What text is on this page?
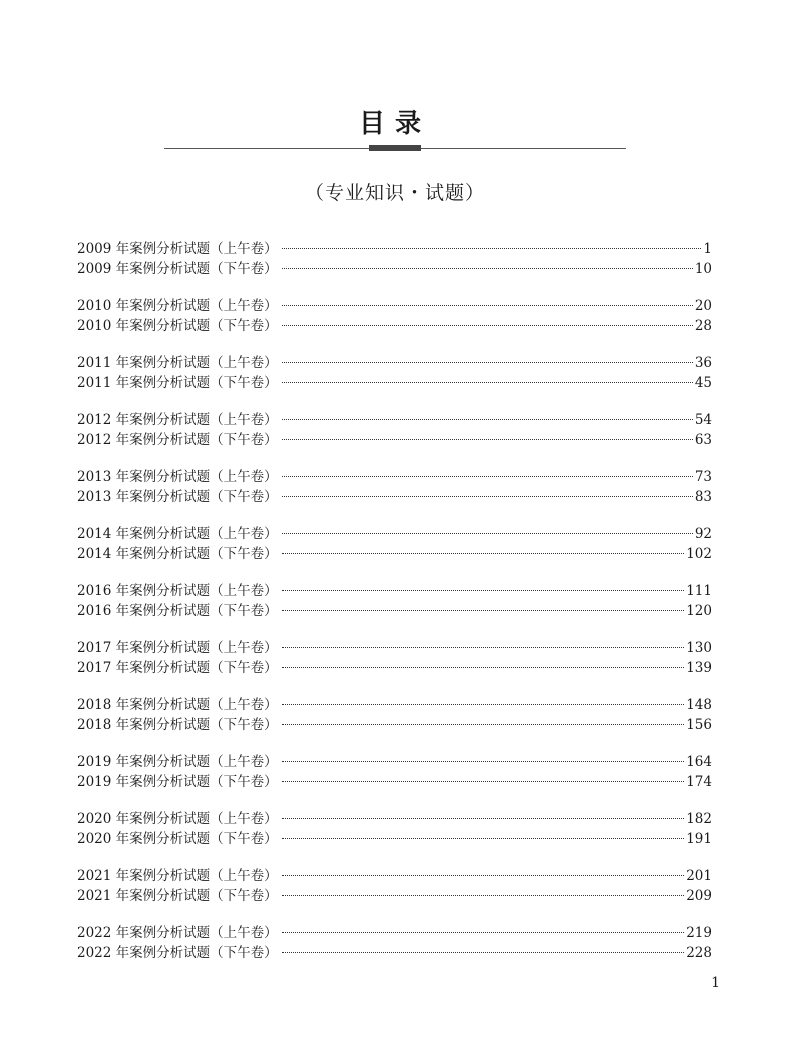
目录
（专业知识・试题）
2009 年案例分析试题（上午卷）	1
2009 年案例分析试题（下午卷）	10
2010 年案例分析试题（上午卷）	20
2010 年案例分析试题（下午卷）	28
2011 年案例分析试题（上午卷）	36
2011 年案例分析试题（下午卷）	45
2012 年案例分析试题（上午卷）	54
2012 年案例分析试题（下午卷）	63
2013 年案例分析试题（上午卷）	73
2013 年案例分析试题（下午卷）	83
2014 年案例分析试题（上午卷）	92
2014 年案例分析试题（下午卷）	102
2016 年案例分析试题（上午卷）	111
2016 年案例分析试题（下午卷）	120
2017 年案例分析试题（上午卷）	130
2017 年案例分析试题（下午卷）	139
2018 年案例分析试题（上午卷）	148
2018 年案例分析试题（下午卷）	156
2019 年案例分析试题（上午卷）	164
2019 年案例分析试题（下午卷）	174
2020 年案例分析试题（上午卷）	182
2020 年案例分析试题（下午卷）	191
2021 年案例分析试题（上午卷）	201
2021 年案例分析试题（下午卷）	209
2022 年案例分析试题（上午卷）	219
2022 年案例分析试题（下午卷）	228
1
